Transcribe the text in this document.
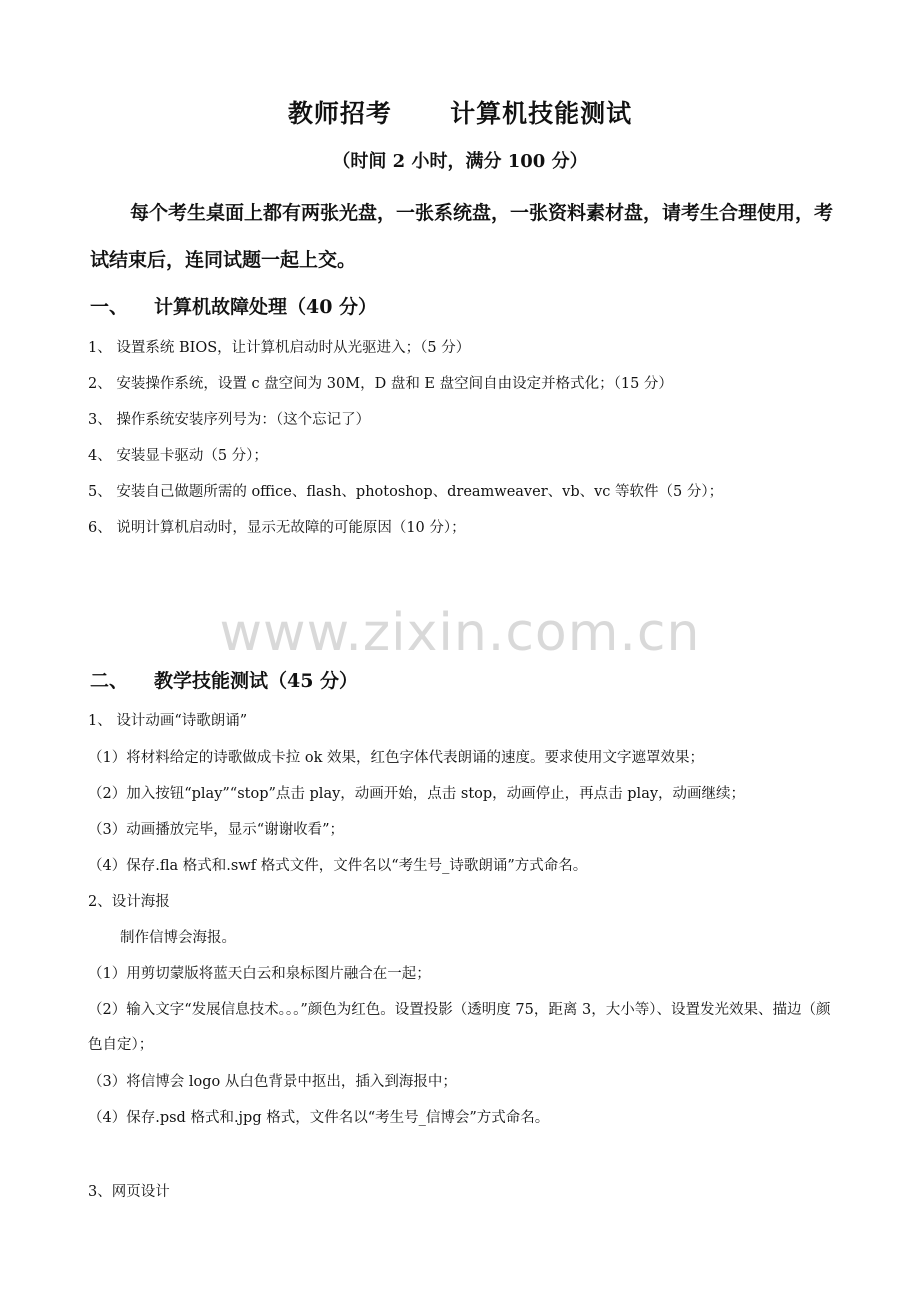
教师招考      计算机技能测试

（时间 2 小时，满分 100 分）

每个考生桌面上都有两张光盘，一张系统盘，一张资料素材盘，请考生合理使用，考试结束后，连同试题一起上交。

一、 计算机故障处理（40 分）

1、 设置系统 BIOS，让计算机启动时从光驱进入；（5 分）

2、 安装操作系统，设置 c 盘空间为 30M，D 盘和 E 盘空间自由设定并格式化；（15 分）

3、 操作系统安装序列号为：（这个忘记了）

4、 安装显卡驱动（5 分）；

5、 安装自己做题所需的 office、flash、photoshop、dreamweaver、vb、vc 等软件（5 分）；

6、 说明计算机启动时，显示无故障的可能原因（10 分）；

www.zixin.com.cn
二、 教学技能测试（45 分）

1、 设计动画“诗歌朗诵”

（1）将材料给定的诗歌做成卡拉 ok 效果，红色字体代表朗诵的速度。要求使用文字遮罩效果；

（2）加入按钮“play”“stop”点击 play，动画开始，点击 stop，动画停止，再点击 play，动画继续；

（3）动画播放完毕，显示“谢谢收看”；

（4）保存.fla 格式和.swf 格式文件，文件名以“考生号_诗歌朗诵”方式命名。

2、设计海报

制作信博会海报。

（1）用剪切蒙版将蓝天白云和泉标图片融合在一起；

（2）输入文字“发展信息技术。。。”颜色为红色。设置投影（透明度 75，距离 3，大小等）、设置发光效果、描边（颜色自定）；

（3）将信博会 logo 从白色背景中抠出，插入到海报中；

（4）保存.psd 格式和.jpg 格式，文件名以“考生号_信博会”方式命名。

3、网页设计
